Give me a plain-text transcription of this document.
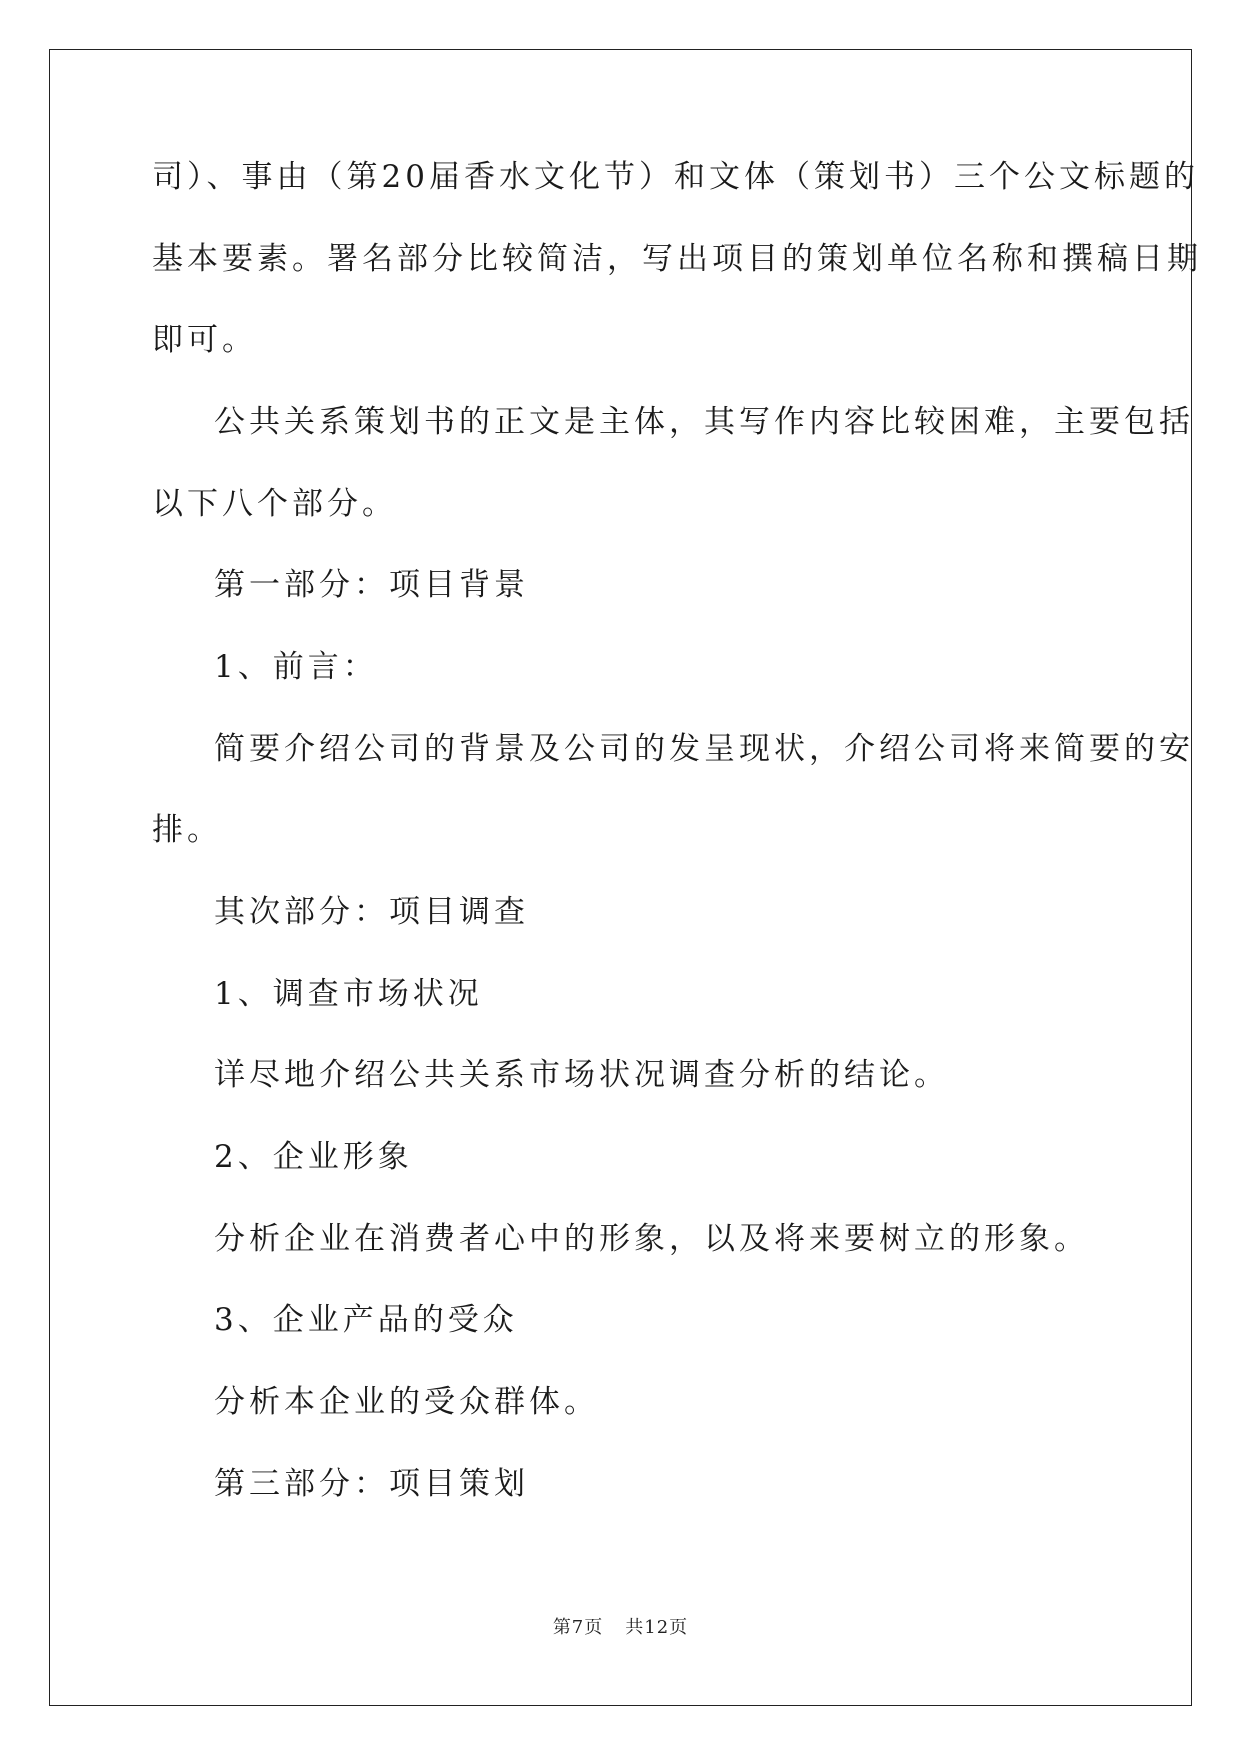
司）、事由（第20届香水文化节）和文体（策划书）三个公文标题的
基本要素。署名部分比较简洁，写出项目的策划单位名称和撰稿日期
即可。
公共关系策划书的正文是主体，其写作内容比较困难，主要包括
以下八个部分。
第一部分：项目背景
1、前言：
简要介绍公司的背景及公司的发呈现状，介绍公司将来简要的安
排。
其次部分：项目调查
1、调查市场状况
详尽地介绍公共关系市场状况调查分析的结论。
2、企业形象
分析企业在消费者心中的形象，以及将来要树立的形象。
3、企业产品的受众
分析本企业的受众群体。
第三部分：项目策划
第7页 共12页
